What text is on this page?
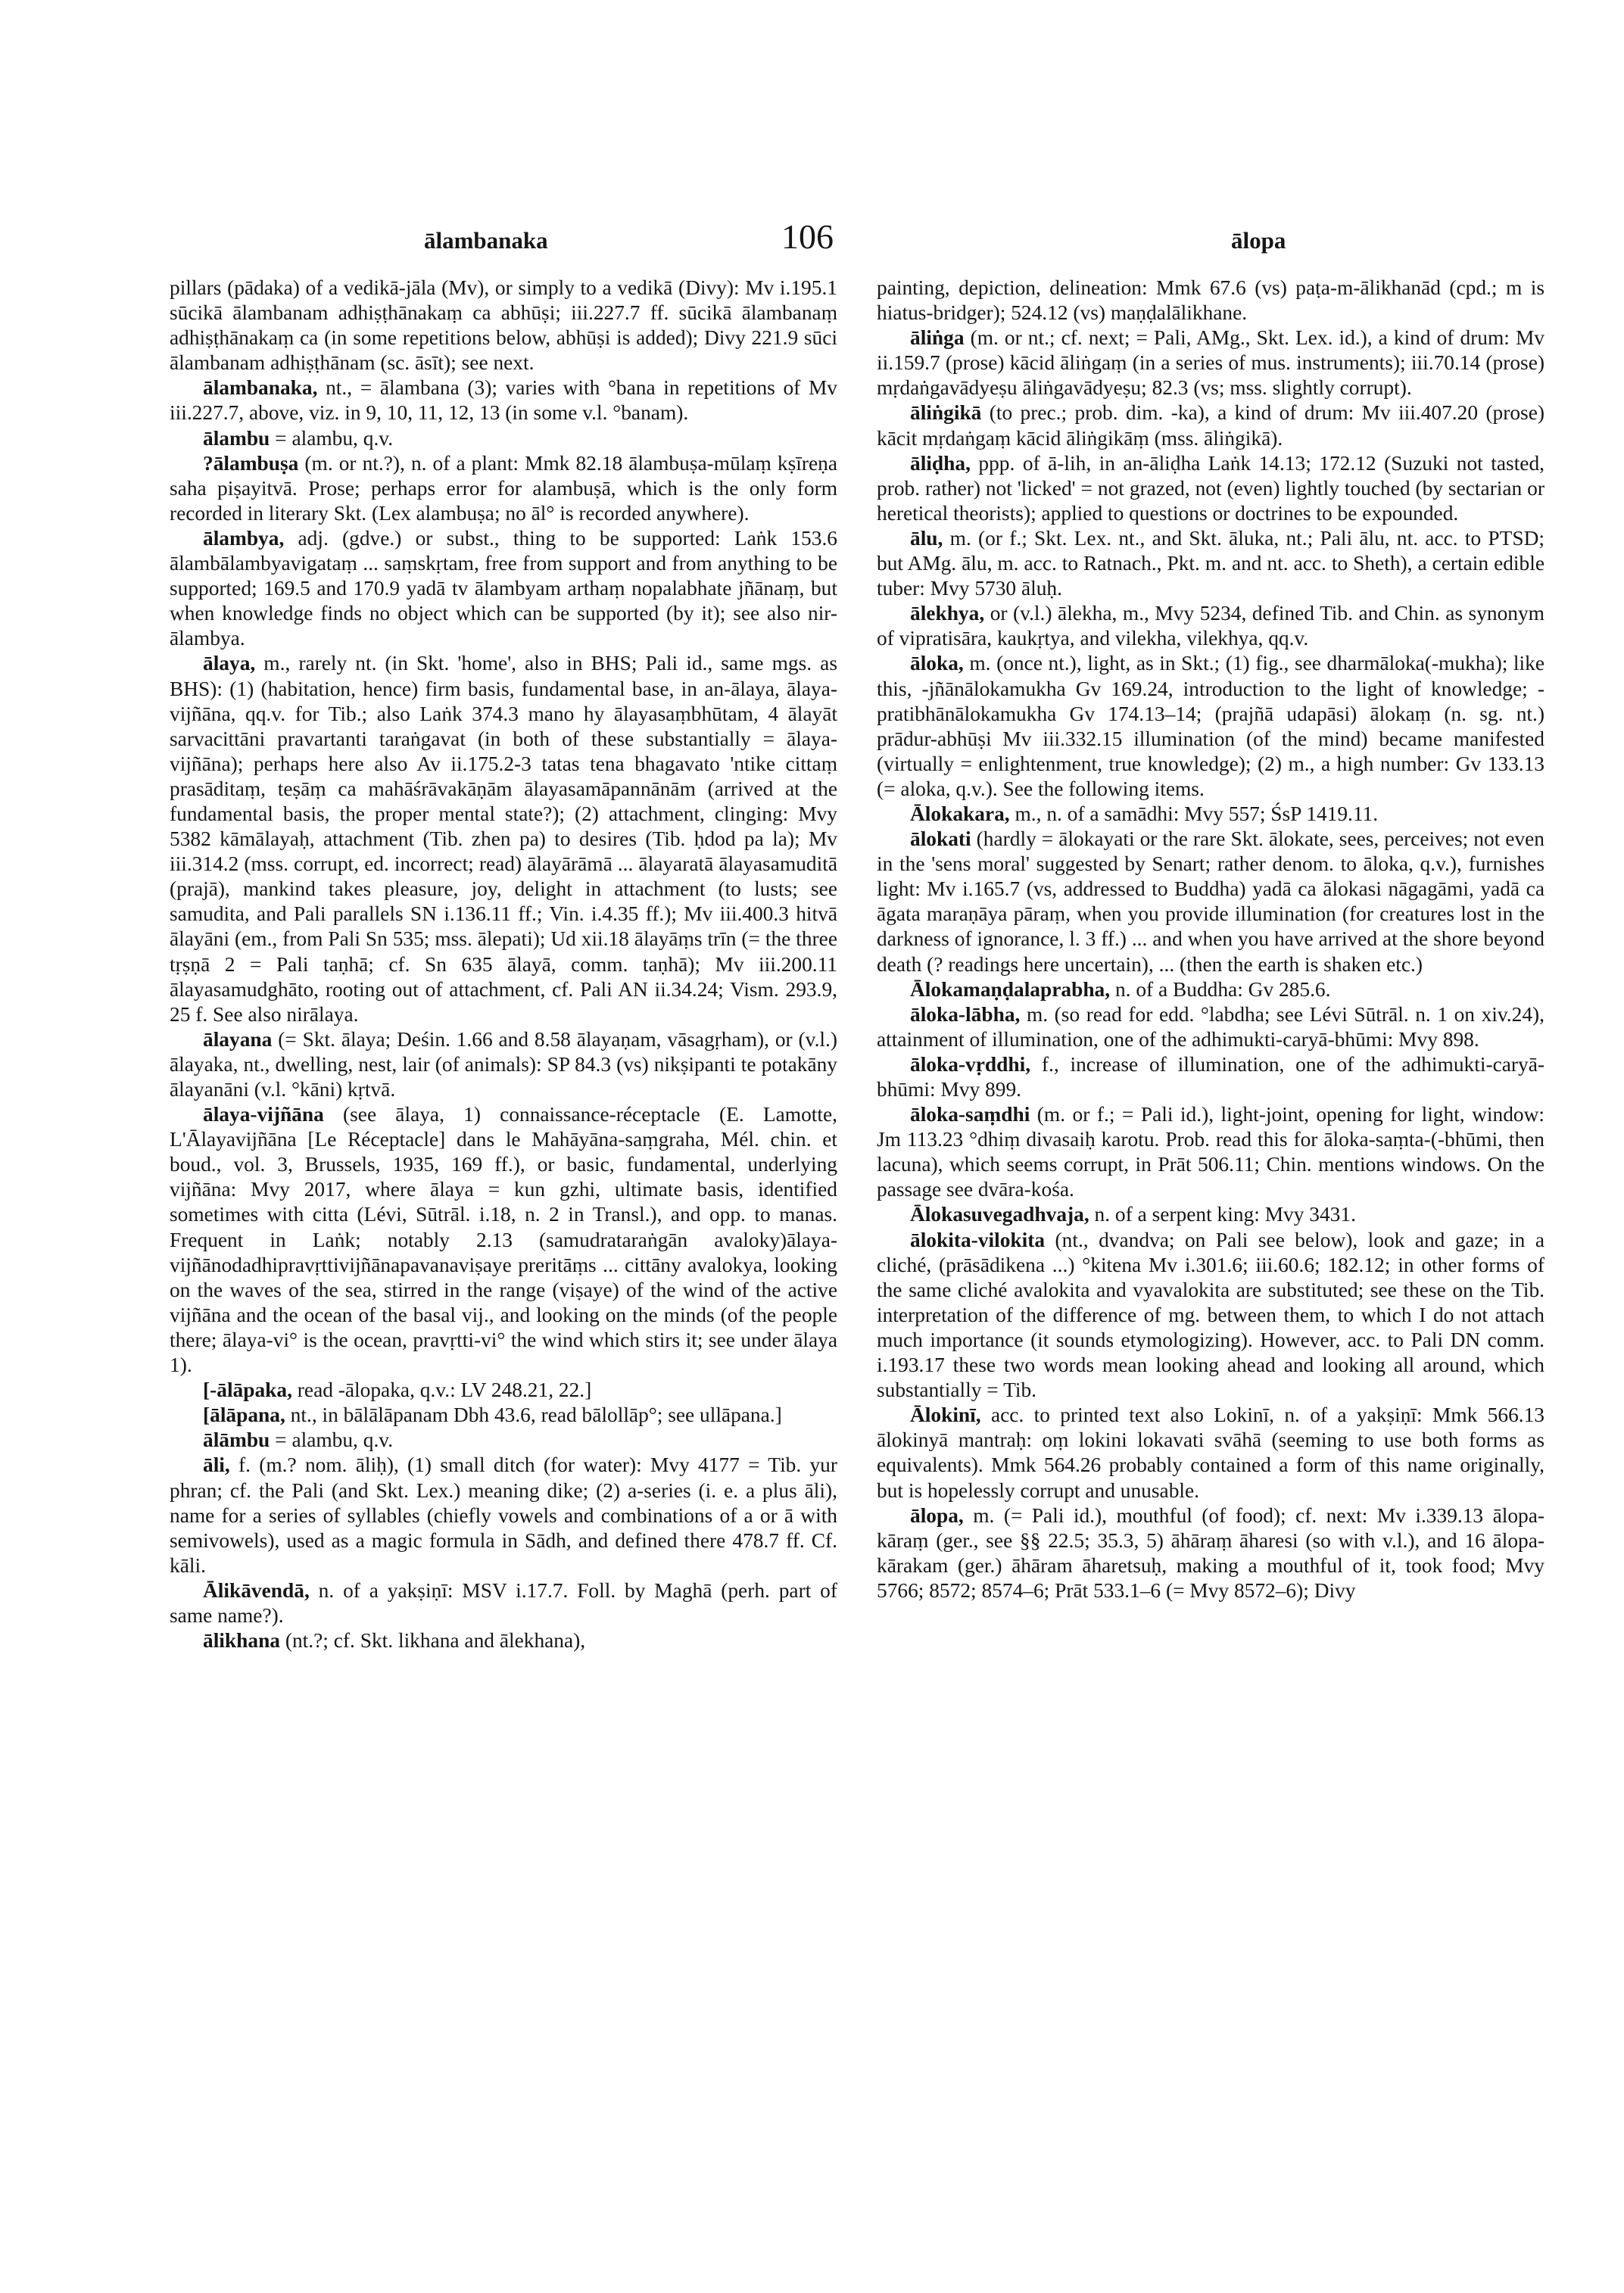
ālambanaka	106	ālopa

pillars (pādaka) of a vedikā-jāla (Mv), or simply to a vedikā (Divy): Mv i.195.1 sūcikā ālambanam adhiṣṭhānakaṃ ca abhūṣi; iii.227.7 ff. sūcikā ālambanaṃ adhiṣṭhānakaṃ ca (in some repetitions below, abhūṣi is added); Divy 221.9 sūci ālambanam adhiṣṭhānam (sc. āsīt); see next.

ālambanaka, nt., = ālambana (3); varies with °bana in repetitions of Mv iii.227.7, above, viz. in 9, 10, 11, 12, 13 (in some v.l. °banam).

ālambu = alambu, q.v.

?ālambuṣa (m. or nt.?), n. of a plant: Mmk 82.18 ālambuṣa-mūlaṃ kṣīreṇa saha piṣayitvā. Prose; perhaps error for alambuṣā, which is the only form recorded in literary Skt. (Lex alambuṣa; no āl° is recorded anywhere).

ālambya, adj. (gdve.) or subst., thing to be supported: Laṅk 153.6 ālambālambyavigataṃ ... saṃskṛtam, free from support and from anything to be supported; 169.5 and 170.9 yadā tv ālambyam arthaṃ nopalabhate jñānaṃ, but when knowledge finds no object which can be supported (by it); see also nir-ālambya.

ālaya, m., rarely nt. (in Skt. 'home', also in BHS; Pali id., same mgs. as BHS): (1) (habitation, hence) firm basis, fundamental base, in an-ālaya, ālaya-vijñāna, qq.v. for Tib.; also Laṅk 374.3 mano hy ālayasaṃbhūtam, 4 ālayāt sarvacittāni pravartanti taraṅgavat (in both of these substantially = ālaya-vijñāna); perhaps here also Av ii.175.2-3 tatas tena bhagavato 'ntike cittaṃ prasāditaṃ, teṣāṃ ca mahāśrāvakāṇām ālayasamāpannānām (arrived at the fundamental basis, the proper mental state?); (2) attachment, clinging: Mvy 5382 kāmālayaḥ, attachment (Tib. zhen pa) to desires (Tib. ḥdod pa la); Mv iii.314.2 (mss. corrupt, ed. incorrect; read) ālayārāmā ... ālayaratā ālayasamuditā (prajā), mankind takes pleasure, joy, delight in attachment (to lusts; see samudita, and Pali parallels SN i.136.11 ff.; Vin. i.4.35 ff.); Mv iii.400.3 hitvā ālayāni (em., from Pali Sn 535; mss. ālepati); Ud xii.18 ālayāṃs trīn (= the three tṛṣṇā 2 = Pali taṇhā; cf. Sn 635 ālayā, comm. taṇhā); Mv iii.200.11 ālayasamudghāto, rooting out of attachment, cf. Pali AN ii.34.24; Vism. 293.9, 25 f. See also nirālaya.

ālayana (= Skt. ālaya; Deśin. 1.66 and 8.58 ālayaṇam, vāsagṛham), or (v.l.) ālayaka, nt., dwelling, nest, lair (of animals): SP 84.3 (vs) nikṣipanti te potakāny ālayanāni (v.l. °kāni) kṛtvā.

ālaya-vijñāna (see ālaya, 1) connaissance-réceptacle (E. Lamotte, L'Ālayavijñāna [Le Réceptacle] dans le Mahāyāna-saṃgraha, Mél. chin. et boud., vol. 3, Brussels, 1935, 169 ff.), or basic, fundamental, underlying vijñāna: Mvy 2017, where ālaya = kun gzhi, ultimate basis, identified sometimes with citta (Lévi, Sūtrāl. i.18, n. 2 in Transl.), and opp. to manas. Frequent in Laṅk; notably 2.13 (samudrataraṅgān avaloky)ālaya-vijñānodadhipravṛttivijñānapavanaviṣaye preritāṃs ... cittāny avalokya, looking on the waves of the sea, stirred in the range (viṣaye) of the wind of the active vijñāna and the ocean of the basal vij., and looking on the minds (of the people there; ālaya-vi° is the ocean, pravṛtti-vi° the wind which stirs it; see under ālaya 1).

[-ālāpaka, read -ālopaka, q.v.: LV 248.21, 22.]

[ālāpana, nt., in bālālāpanam Dbh 43.6, read bālollāp°; see ullāpana.]

ālāmbu = alambu, q.v.

āli, f. (m.? nom. āliḥ), (1) small ditch (for water): Mvy 4177 = Tib. yur phran; cf. the Pali (and Skt. Lex.) meaning dike; (2) a-series (i. e. a plus āli), name for a series of syllables (chiefly vowels and combinations of a or ā with semivowels), used as a magic formula in Sādh, and defined there 478.7 ff. Cf. kāli.

Ālikāvendā, n. of a yakṣiṇī: MSV i.17.7. Foll. by Maghā (perh. part of same name?).

ālikhana (nt.?; cf. Skt. likhana and ālekhana),

painting, depiction, delineation: Mmk 67.6 (vs) paṭa-m-ālikhanād (cpd.; m is hiatus-bridger); 524.12 (vs) maṇḍalālikhane.

āliṅga (m. or nt.; cf. next; = Pali, AMg., Skt. Lex. id.), a kind of drum: Mv ii.159.7 (prose) kācid āliṅgaṃ (in a series of mus. instruments); iii.70.14 (prose) mṛdaṅgavādyeṣu āliṅgavādyeṣu; 82.3 (vs; mss. slightly corrupt).

āliṅgikā (to prec.; prob. dim. -ka), a kind of drum: Mv iii.407.20 (prose) kācit mṛdaṅgaṃ kācid āliṅgikāṃ (mss. āliṅgikā).

āliḍha, ppp. of ā-lih, in an-āliḍha Laṅk 14.13; 172.12 (Suzuki not tasted, prob. rather) not 'licked' = not grazed, not (even) lightly touched (by sectarian or heretical theorists); applied to questions or doctrines to be expounded.

ālu, m. (or f.; Skt. Lex. nt., and Skt. āluka, nt.; Pali ālu, nt. acc. to PTSD; but AMg. ālu, m. acc. to Ratnach., Pkt. m. and nt. acc. to Sheth), a certain edible tuber: Mvy 5730 āluḥ.

ālekhya, or (v.l.) ālekha, m., Mvy 5234, defined Tib. and Chin. as synonym of vipratisāra, kaukṛtya, and vilekha, vilekhya, qq.v.

āloka, m. (once nt.), light, as in Skt.; (1) fig., see dharmāloka(-mukha); like this, -jñānālokamukha Gv 169.24, introduction to the light of knowledge; -pratibhānālokamukha Gv 174.13–14; (prajñā udapāsi) ālokaṃ (n. sg. nt.) prādur-abhūṣi Mv iii.332.15 illumination (of the mind) became manifested (virtually = enlightenment, true knowledge); (2) m., a high number: Gv 133.13 (= aloka, q.v.). See the following items.

Ālokakara, m., n. of a samādhi: Mvy 557; ŚsP 1419.11.

ālokati (hardly = ālokayati or the rare Skt. ālokate, sees, perceives; not even in the 'sens moral' suggested by Senart; rather denom. to āloka, q.v.), furnishes light: Mv i.165.7 (vs, addressed to Buddha) yadā ca ālokasi nāgagāmi, yadā ca āgata maraṇāya pāraṃ, when you provide illumination (for creatures lost in the darkness of ignorance, l. 3 ff.) ... and when you have arrived at the shore beyond death (? readings here uncertain), ... (then the earth is shaken etc.)

Ālokamaṇḍalaprabha, n. of a Buddha: Gv 285.6.

āloka-lābha, m. (so read for edd. °labdha; see Lévi Sūtrāl. n. 1 on xiv.24), attainment of illumination, one of the adhimukti-caryā-bhūmi: Mvy 898.

āloka-vṛddhi, f., increase of illumination, one of the adhimukti-caryā-bhūmi: Mvy 899.

āloka-saṃdhi (m. or f.; = Pali id.), light-joint, opening for light, window: Jm 113.23 °dhiṃ divasaiḥ karotu. Prob. read this for āloka-saṃta-(-bhūmi, then lacuna), which seems corrupt, in Prāt 506.11; Chin. mentions windows. On the passage see dvāra-kośa.

Ālokasuvegadhvaja, n. of a serpent king: Mvy 3431.

ālokita-vilokita (nt., dvandva; on Pali see below), look and gaze; in a cliché, (prāsādikena ...) °kitena Mv i.301.6; iii.60.6; 182.12; in other forms of the same cliché avalokita and vyavalokita are substituted; see these on the Tib. interpretation of the difference of mg. between them, to which I do not attach much importance (it sounds etymologizing). However, acc. to Pali DN comm. i.193.17 these two words mean looking ahead and looking all around, which substantially = Tib.

Ālokinī, acc. to printed text also Lokinī, n. of a yakṣiṇī: Mmk 566.13 ālokinyā mantraḥ: oṃ lokini lokavati svāhā (seeming to use both forms as equivalents). Mmk 564.26 probably contained a form of this name originally, but is hopelessly corrupt and unusable.

ālopa, m. (= Pali id.), mouthful (of food); cf. next: Mv i.339.13 ālopa-kāraṃ (ger., see §§ 22.5; 35.3, 5) āhāraṃ āharesi (so with v.l.), and 16 ālopa-kārakam (ger.) āhāram āharetsuḥ, making a mouthful of it, took food; Mvy 5766; 8572; 8574–6; Prāt 533.1–6 (= Mvy 8572–6); Divy
